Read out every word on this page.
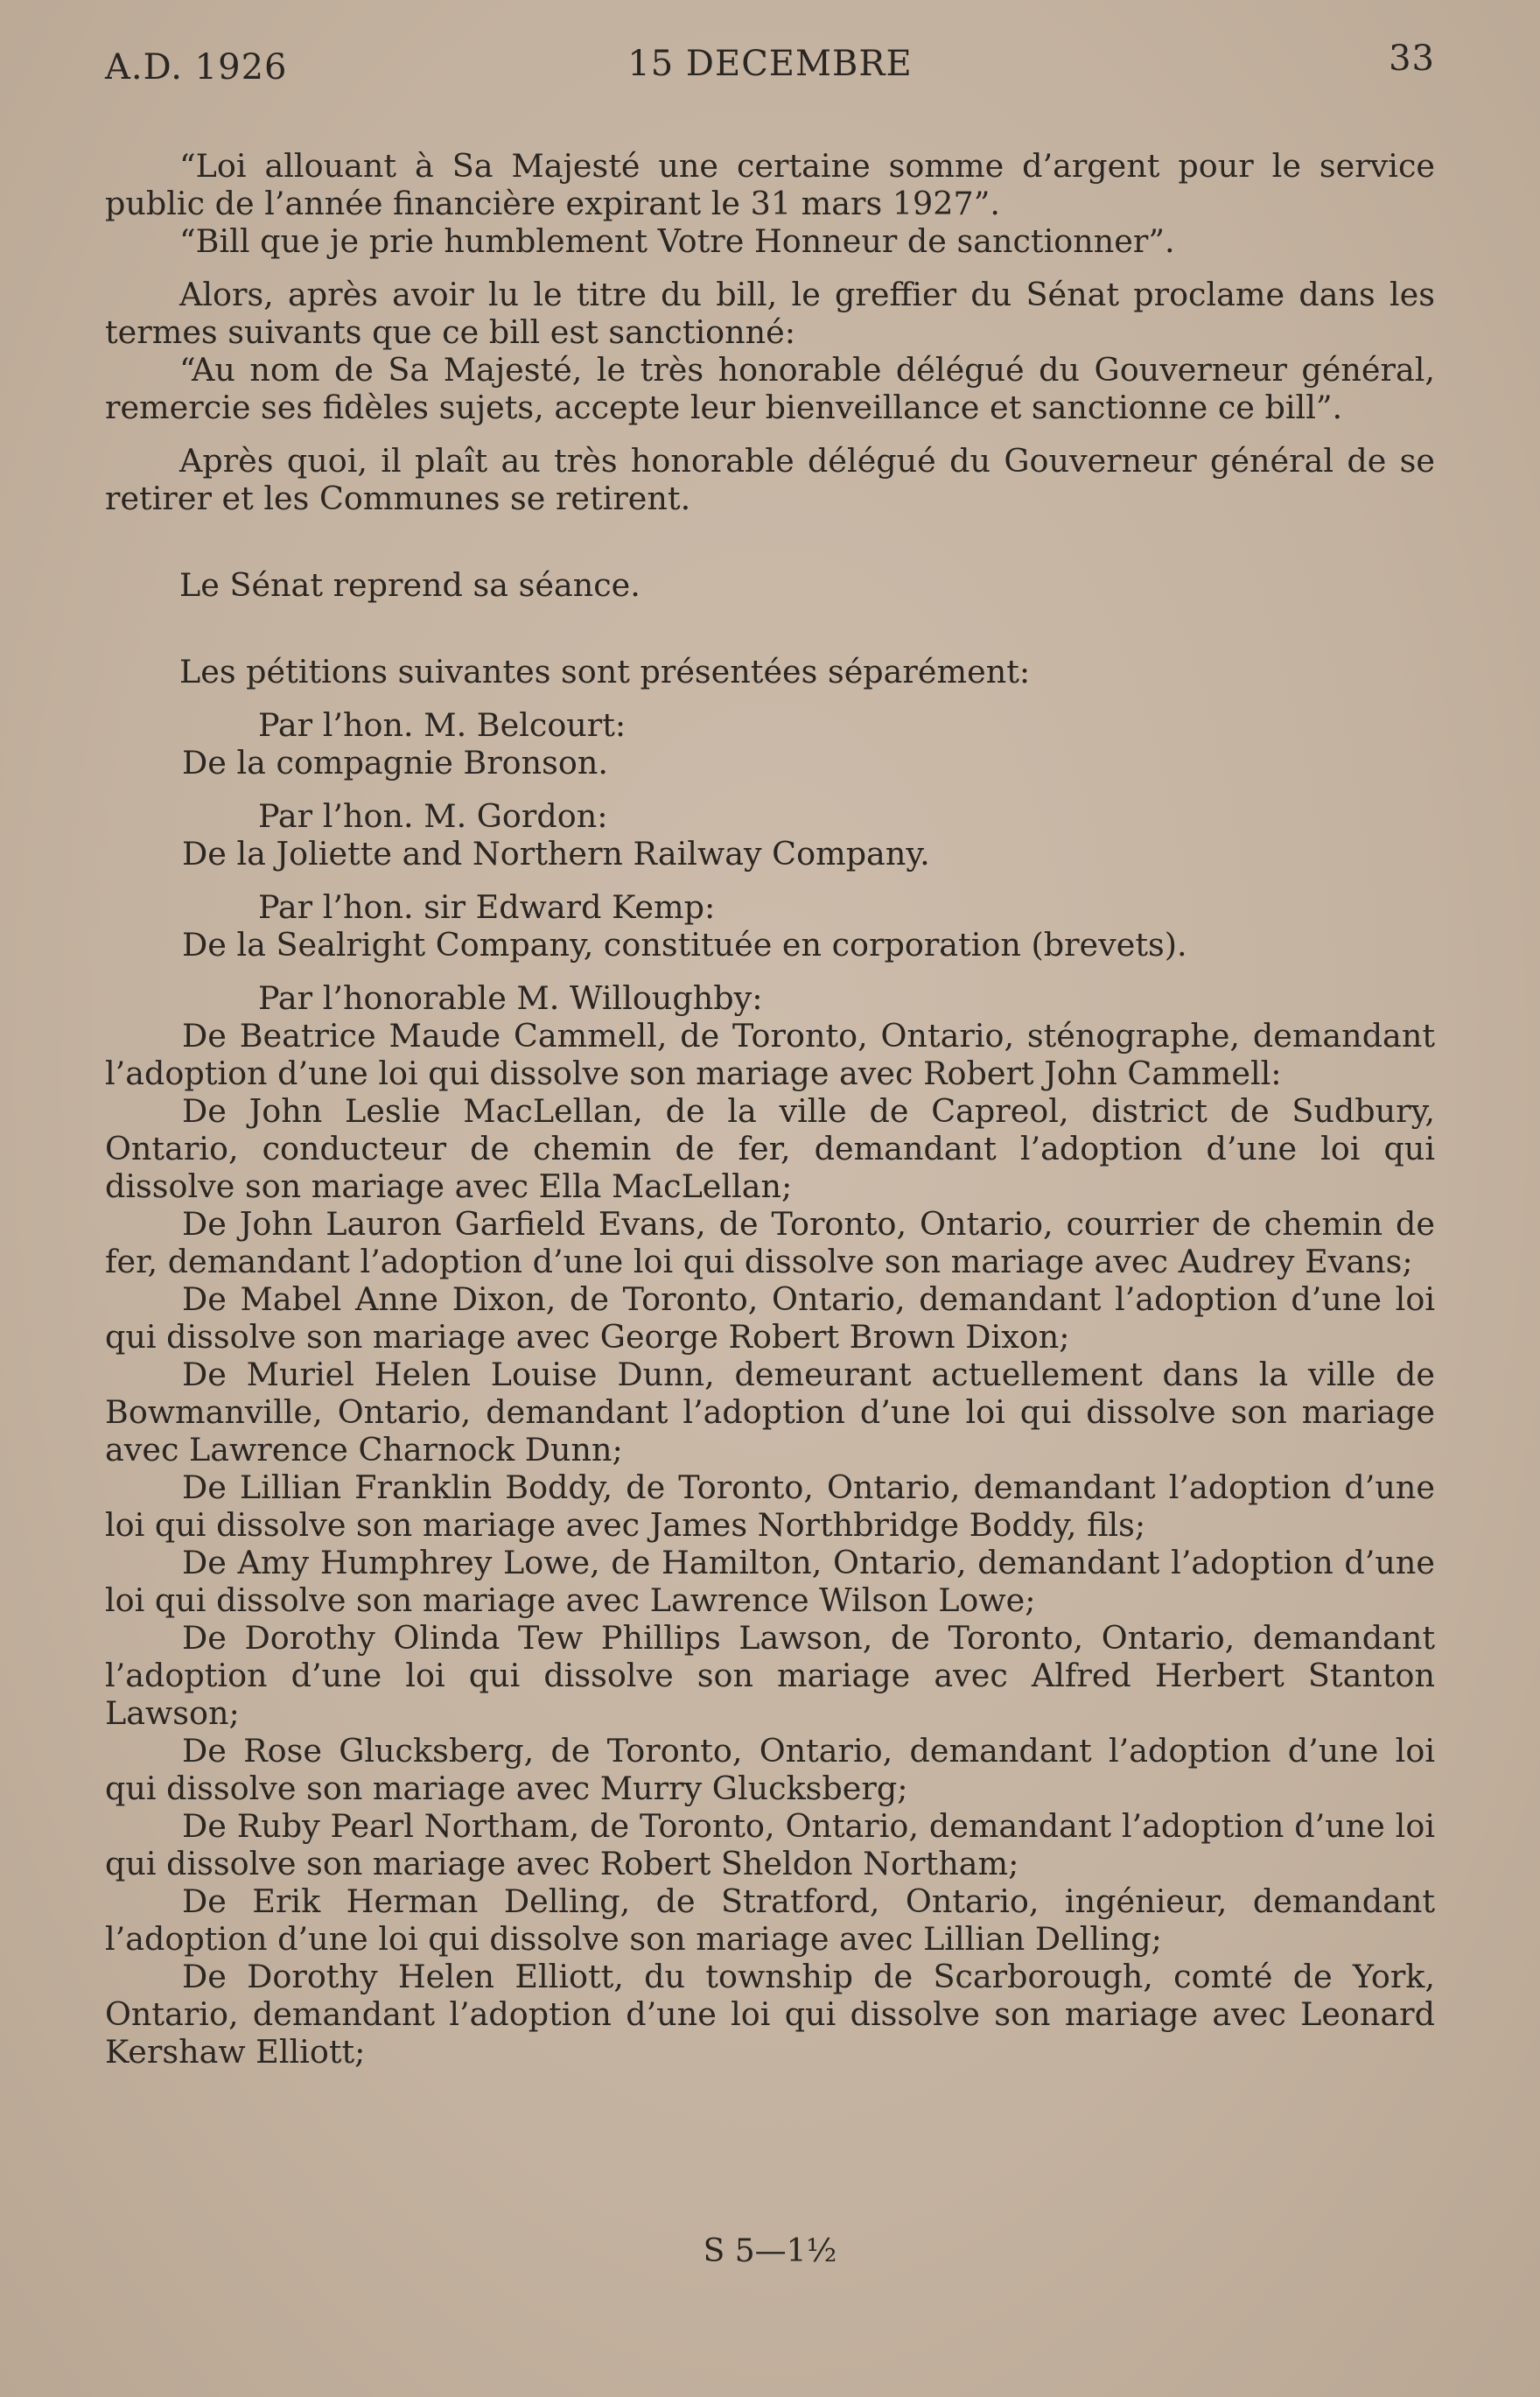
A.D. 1926	15 DECEMBRE	33

“Loi allouant à Sa Majesté une certaine somme d’argent pour le service public de l’année financière expirant le 31 mars 1927”.

“Bill que je prie humblement Votre Honneur de sanctionner”.

Alors, après avoir lu le titre du bill, le greffier du Sénat proclame dans les termes suivants que ce bill est sanctionné:

“Au nom de Sa Majesté, le très honorable délégué du Gouverneur général, remercie ses fidèles sujets, accepte leur bienveillance et sanctionne ce bill”.

Après quoi, il plaît au très honorable délégué du Gouverneur général de se retirer et les Communes se retirent.

Le Sénat reprend sa séance.

Les pétitions suivantes sont présentées séparément:

Par l’hon. M. Belcourt:

De la compagnie Bronson.

Par l’hon. M. Gordon:

De la Joliette and Northern Railway Company.

Par l’hon. sir Edward Kemp:

De la Sealright Company, constituée en corporation (brevets).

Par l’honorable M. Willoughby:

De Beatrice Maude Cammell, de Toronto, Ontario, sténographe, demandant l’adoption d’une loi qui dissolve son mariage avec Robert John Cammell:

De John Leslie MacLellan, de la ville de Capreol, district de Sudbury, Ontario, conducteur de chemin de fer, demandant l’adoption d’une loi qui dissolve son mariage avec Ella MacLellan;

De John Lauron Garfield Evans, de Toronto, Ontario, courrier de chemin de fer, demandant l’adoption d’une loi qui dissolve son mariage avec Audrey Evans;

De Mabel Anne Dixon, de Toronto, Ontario, demandant l’adoption d’une loi qui dissolve son mariage avec George Robert Brown Dixon;

De Muriel Helen Louise Dunn, demeurant actuellement dans la ville de Bowmanville, Ontario, demandant l’adoption d’une loi qui dissolve son mariage avec Lawrence Charnock Dunn;

De Lillian Franklin Boddy, de Toronto, Ontario, demandant l’adoption d’une loi qui dissolve son mariage avec James Northbridge Boddy, fils;

De Amy Humphrey Lowe, de Hamilton, Ontario, demandant l’adoption d’une loi qui dissolve son mariage avec Lawrence Wilson Lowe;

De Dorothy Olinda Tew Phillips Lawson, de Toronto, Ontario, demandant l’adoption d’une loi qui dissolve son mariage avec Alfred Herbert Stanton Lawson;

De Rose Glucksberg, de Toronto, Ontario, demandant l’adoption d’une loi qui dissolve son mariage avec Murry Glucksberg;

De Ruby Pearl Northam, de Toronto, Ontario, demandant l’adoption d’une loi qui dissolve son mariage avec Robert Sheldon Northam;

De Erik Herman Delling, de Stratford, Ontario, ingénieur, demandant l’adoption d’une loi qui dissolve son mariage avec Lillian Delling;

De Dorothy Helen Elliott, du township de Scarborough, comté de York, Ontario, demandant l’adoption d’une loi qui dissolve son mariage avec Leonard Kershaw Elliott;

S 5—1½
